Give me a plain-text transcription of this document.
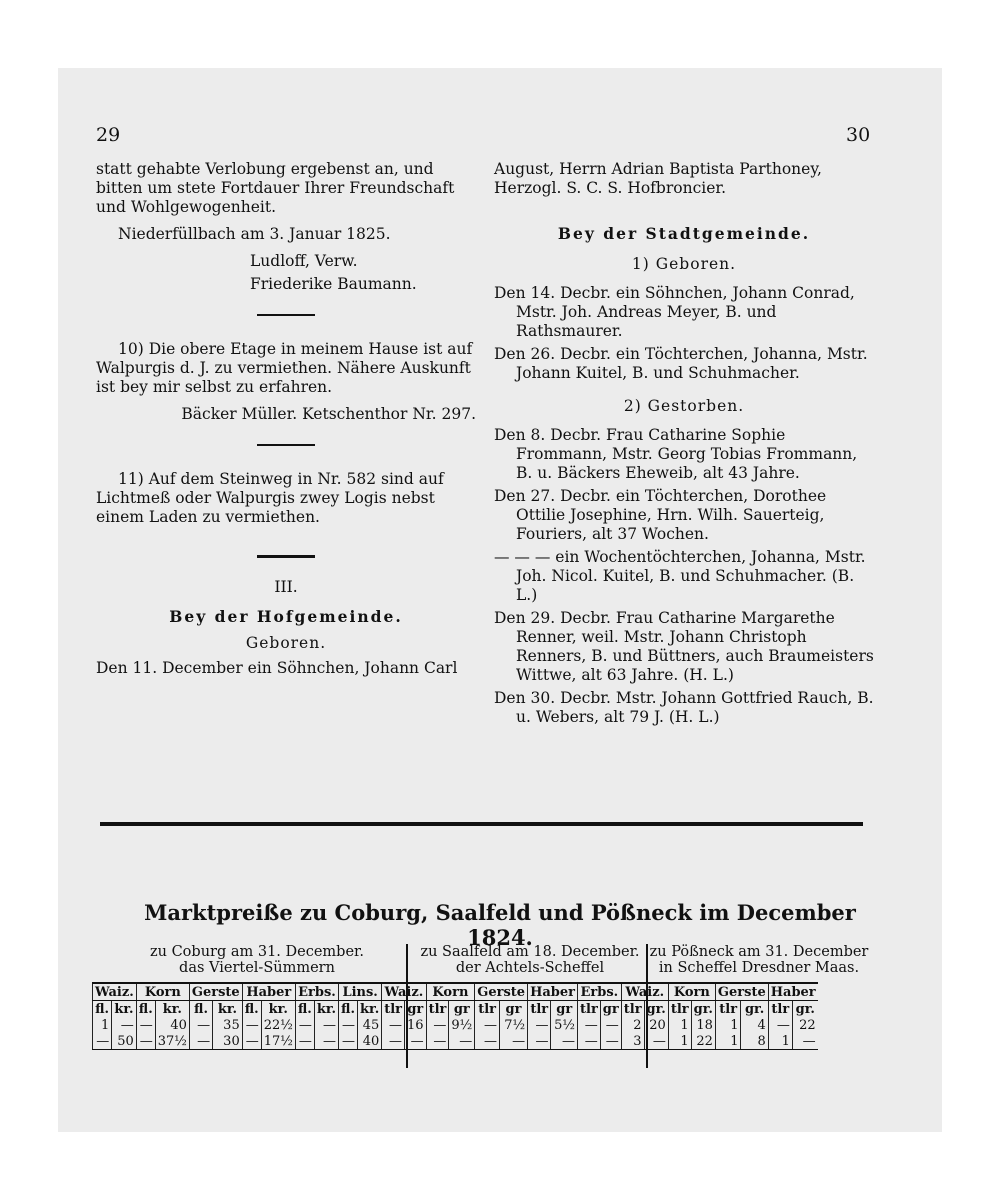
29	30

statt gehabte Verlobung ergebenst an, und bitten um stete Fortdauer Ihrer Freundschaft und Wohlgewogenheit.

Niederfüllbach am 3. Januar 1825.

Ludloff, Verw.

Friederike Baumann.

10) Die obere Etage in meinem Hause ist auf Walpurgis d. J. zu vermiethen. Nähere Auskunft ist bey mir selbst zu erfahren.

Bäcker Müller. Ketschenthor Nr. 297.

11) Auf dem Steinweg in Nr. 582 sind auf Lichtmeß oder Walpurgis zwey Logis nebst einem Laden zu vermiethen.

III.

Bey der Hofgemeinde.

Geboren.

Den 11. December ein Söhnchen, Johann Carl

August, Herrn Adrian Baptista Parthoney, Herzogl. S. C. S. Hofbroncier.

Bey der Stadtgemeinde.

1) Geboren.

Den 14. Decbr. ein Söhnchen, Johann Conrad, Mstr. Joh. Andreas Meyer, B. und Rathsmaurer.

Den 26. Decbr. ein Töchterchen, Johanna, Mstr. Johann Kuitel, B. und Schuhmacher.

2) Gestorben.

Den 8. Decbr. Frau Catharine Sophie Frommann, Mstr. Georg Tobias Frommann, B. u. Bäckers Eheweib, alt 43 Jahre.

Den 27. Decbr. ein Töchterchen, Dorothee Ottilie Josephine, Hrn. Wilh. Sauerteig, Fouriers, alt 37 Wochen.

— — — ein Wochentöchterchen, Johanna, Mstr. Joh. Nicol. Kuitel, B. und Schuhmacher. (B. L.)

Den 29. Decbr. Frau Catharine Margarethe Renner, weil. Mstr. Johann Christoph Renners, B. und Büttners, auch Braumeisters Wittwe, alt 63 Jahre. (H. L.)

Den 30. Decbr. Mstr. Johann Gottfried Rauch, B. u. Webers, alt 79 J. (H. L.)

Marktpreiße zu Coburg, Saalfeld und Pößneck im December 1824.
zu Coburg am 31. December.
das Viertel-Sümmern
zu Saalfeld am 18. December.
der Achtels-Scheffel
zu Pößneck am 31. December
in Scheffel Dresdner Maas.
Waiz.		Korn		Gerste		Haber		Erbs.		Lins.		Waiz.		Korn		Gerste		Haber		Erbs.		Waiz.		Korn		Gerste		Haber	
fl.	kr.	fl.	kr.	fl.	kr.	fl.	kr.	fl.	kr.	fl.	kr.	tlr	gr	tlr	gr	tlr	gr	tlr	gr	tlr	gr	tlr	gr.	tlr	gr.	tlr	gr.	tlr	gr.
1	—	—	40	—	35	—	22½	—	—	—	45	—	16	—	9½	—	7½	—	5½	—	—	2	20	1	18	1	4	—	22
—	50	—	37½	—	30	—	17½	—	—	—	40	—	—	—	—	—	—	—	—	—	—	3	—	1	22	1	8	1	—
